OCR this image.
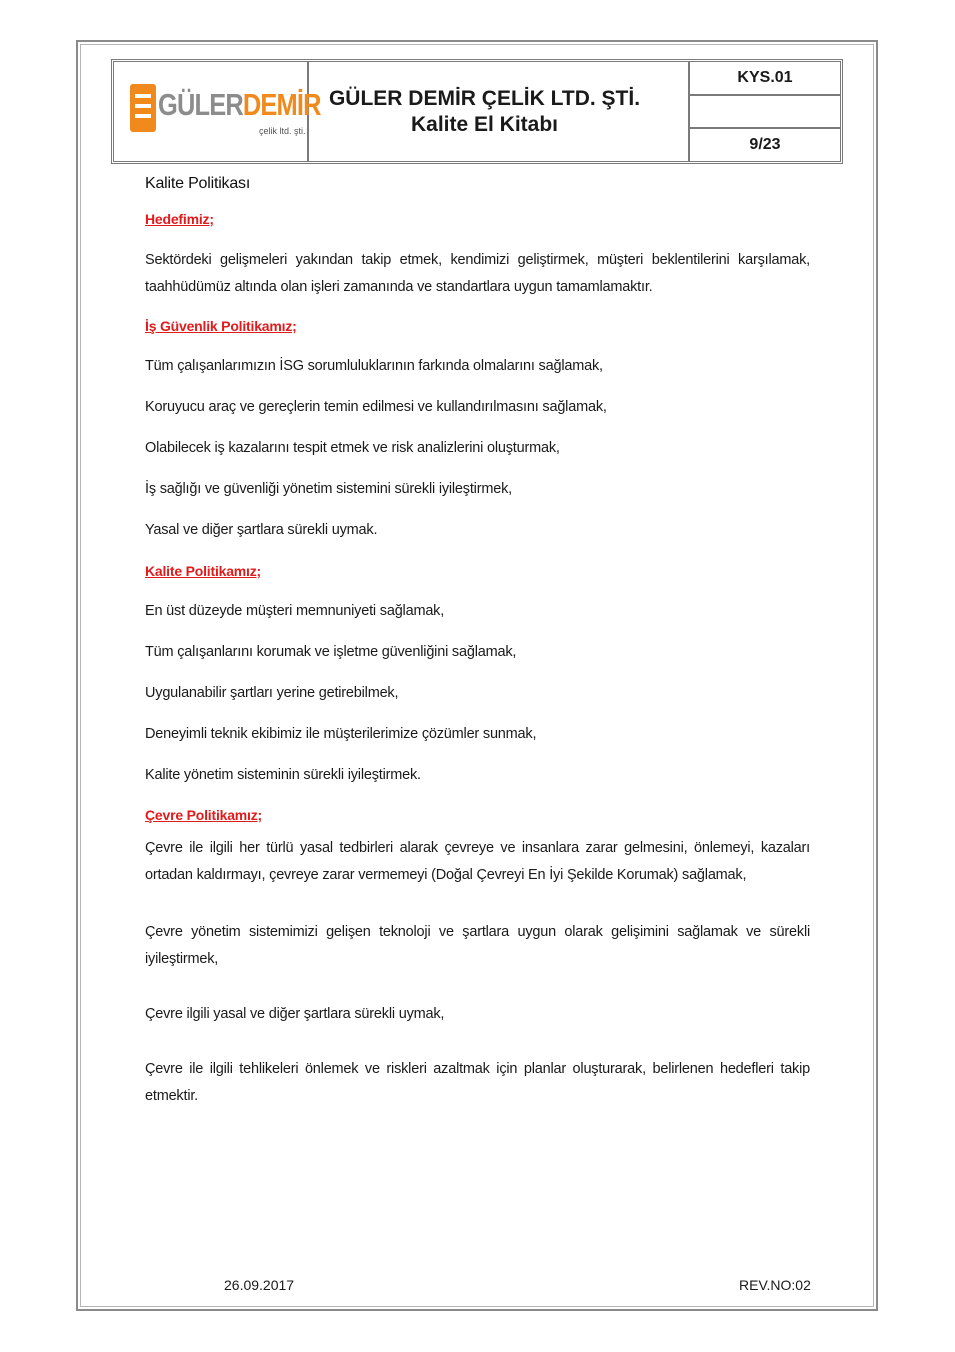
GÜLERDEMİR
çelik ltd. şti.
GÜLER DEMİR ÇELİK LTD. ŞTİ.
Kalite El Kitabı
KYS.01
9/23
Kalite Politikası
Hedefimiz;
Sektördeki gelişmeleri yakından takip etmek, kendimizi geliştirmek, müşteri beklentilerini karşılamak, taahhüdümüz altında olan işleri zamanında ve standartlara uygun tamamlamaktır.
İş Güvenlik Politikamız;
Tüm çalışanlarımızın İSG sorumluluklarının farkında olmalarını sağlamak,
Koruyucu araç ve gereçlerin temin edilmesi ve kullandırılmasını sağlamak,
Olabilecek iş kazalarını tespit etmek ve risk analizlerini oluşturmak,
İş sağlığı ve güvenliği yönetim sistemini sürekli iyileştirmek,
Yasal ve diğer şartlara sürekli uymak.
Kalite Politikamız;
En üst düzeyde müşteri memnuniyeti sağlamak,
Tüm çalışanlarını korumak ve işletme güvenliğini sağlamak,
Uygulanabilir şartları yerine getirebilmek,
Deneyimli teknik ekibimiz ile müşterilerimize çözümler sunmak,
Kalite yönetim sisteminin sürekli iyileştirmek.
Çevre Politikamız;
Çevre ile ilgili her türlü yasal tedbirleri alarak çevreye ve insanlara zarar gelmesini, önlemeyi, kazaları ortadan kaldırmayı, çevreye zarar vermemeyi (Doğal Çevreyi En İyi Şekilde Korumak) sağlamak,
Çevre yönetim sistemimizi gelişen teknoloji ve şartlara uygun olarak gelişimini sağlamak ve sürekli iyileştirmek,
Çevre ilgili yasal ve diğer şartlara sürekli uymak,
Çevre ile ilgili tehlikeleri önlemek ve riskleri azaltmak için planlar oluşturarak, belirlenen hedefleri takip etmektir.
26.09.2017	REV.NO:02
